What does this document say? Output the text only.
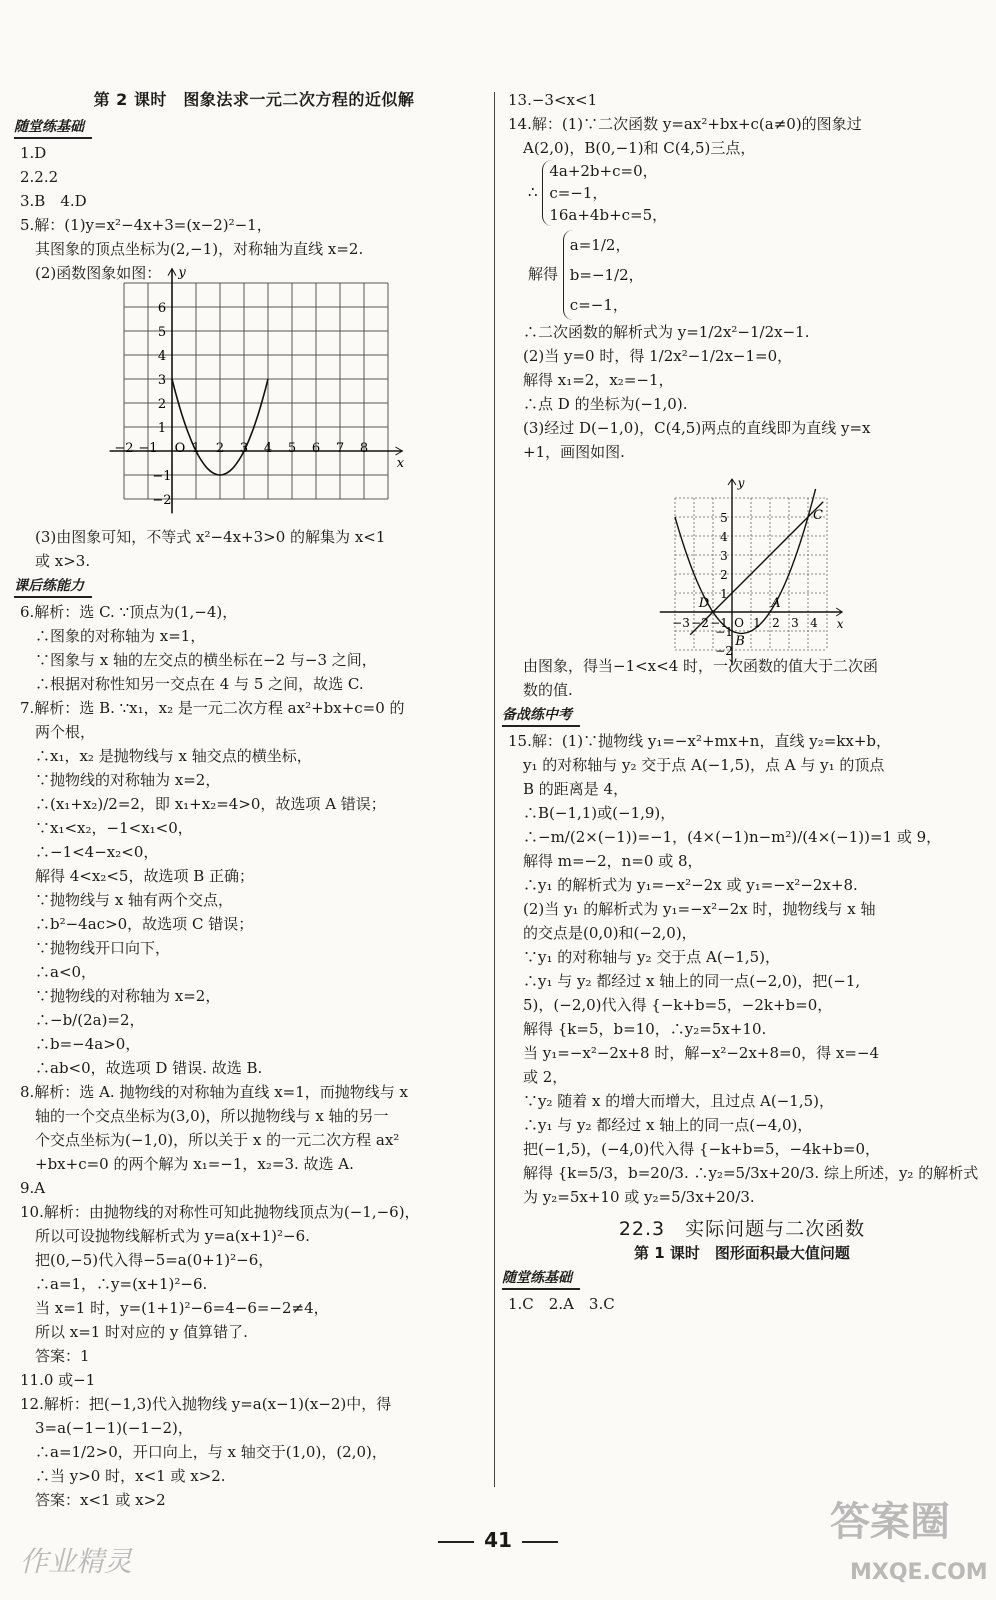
第 2 课时　图象法求一元二次方程的近似解
随堂练基础
1.D
2.2.2
3.B　4.D
5.解：(1)y=x²−4x+3=(x−2)²−1，
　其图象的顶点坐标为(2,−1)，对称轴为直线 x=2.
　(2)函数图象如图：
−2 −1 O 1 2 3 4 5 6 7 8
6
5
4
3
2
1
−1
−2
x
y
　(3)由图象可知，不等式 x²−4x+3>0 的解集为 x<1
　或 x>3.
课后练能力
6.解析：选 C. ∵顶点为(1,−4)，
　∴图象的对称轴为 x=1，
　∵图象与 x 轴的左交点的横坐标在−2 与−3 之间，
　∴根据对称性知另一交点在 4 与 5 之间，故选 C.
7.解析：选 B. ∵x₁，x₂ 是一元二次方程 ax²+bx+c=0 的
　两个根，
　∴x₁，x₂ 是抛物线与 x 轴交点的横坐标，
　∵抛物线的对称轴为 x=2，
　∴(x₁+x₂)/2=2，即 x₁+x₂=4>0，故选项 A 错误；
　∵x₁<x₂，−1<x₁<0，
　∴−1<4−x₂<0，
　解得 4<x₂<5，故选项 B 正确；
　∵抛物线与 x 轴有两个交点，
　∴b²−4ac>0，故选项 C 错误；
　∵抛物线开口向下，
　∴a<0，
　∵抛物线的对称轴为 x=2，
　∴−b/(2a)=2，
　∴b=−4a>0，
　∴ab<0，故选项 D 错误. 故选 B.
8.解析：选 A. 抛物线的对称轴为直线 x=1，而抛物线与 x
　轴的一个交点坐标为(3,0)，所以抛物线与 x 轴的另一
　个交点坐标为(−1,0)，所以关于 x 的一元二次方程 ax²
　+bx+c=0 的两个解为 x₁=−1，x₂=3. 故选 A.
9.A
10.解析：由抛物线的对称性可知此抛物线顶点为(−1,−6)，
　所以可设抛物线解析式为 y=a(x+1)²−6.
　把(0,−5)代入得−5=a(0+1)²−6，
　∴a=1，∴y=(x+1)²−6.
　当 x=1 时，y=(1+1)²−6=4−6=−2≠4，
　所以 x=1 时对应的 y 值算错了.
　答案：1
11.0 或−1
12.解析：把(−1,3)代入抛物线 y=a(x−1)(x−2)中，得
　3=a(−1−1)(−1−2)，
　∴a=1/2>0，开口向上，与 x 轴交于(1,0)，(2,0)，
　∴当 y>0 时，x<1 或 x>2.
　答案：x<1 或 x>2
13.−3<x<1
14.解：(1)∵二次函数 y=ax²+bx+c(a≠0)的图象过
　A(2,0)，B(0,−1)和 C(4,5)三点，
∴
4a+2b+c=0，
c=−1，
16a+4b+c=5，
解得
a=1/2，
b=−1/2，
c=−1，
　∴二次函数的解析式为 y=1/2x²−1/2x−1.
　(2)当 y=0 时，得 1/2x²−1/2x−1=0，
　解得 x₁=2，x₂=−1，
　∴点 D 的坐标为(−1,0).
　(3)经过 D(−1,0)，C(4,5)两点的直线即为直线 y=x
　+1，画图如图.
−3 −2 −1 O 1 2 3 4
5
4
3
2
1
−1
−2
D	A
B
C
x
y
　由图象，得当−1<x<4 时，一次函数的值大于二次函
　数的值.
备战练中考
15.解：(1)∵抛物线 y₁=−x²+mx+n，直线 y₂=kx+b，
　y₁ 的对称轴与 y₂ 交于点 A(−1,5)，点 A 与 y₁ 的顶点
　B 的距离是 4，
　∴B(−1,1)或(−1,9)，
　∴−m/(2×(−1))=−1，(4×(−1)n−m²)/(4×(−1))=1 或 9，
　解得 m=−2，n=0 或 8，
　∴y₁ 的解析式为 y₁=−x²−2x 或 y₁=−x²−2x+8.
　(2)当 y₁ 的解析式为 y₁=−x²−2x 时，抛物线与 x 轴
　的交点是(0,0)和(−2,0)，
　∵y₁ 的对称轴与 y₂ 交于点 A(−1,5)，
　∴y₁ 与 y₂ 都经过 x 轴上的同一点(−2,0)，把(−1,
　5)，(−2,0)代入得 {−k+b=5，−2k+b=0，
　解得 {k=5，b=10，∴y₂=5x+10.
　当 y₁=−x²−2x+8 时，解−x²−2x+8=0，得 x=−4
　或 2，
　∵y₂ 随着 x 的增大而增大，且过点 A(−1,5)，
　∴y₁ 与 y₂ 都经过 x 轴上的同一点(−4,0)，
　把(−1,5)，(−4,0)代入得 {−k+b=5，−4k+b=0，
　解得 {k=5/3，b=20/3. ∴y₂=5/3x+20/3. 综上所述，y₂ 的解析式
　为 y₂=5x+10 或 y₂=5/3x+20/3.
22.3　实际问题与二次函数
第 1 课时　图形面积最大值问题
随堂练基础
1.C　2.A　3.C
41
作业精灵
答案圈
MXQE.COM
